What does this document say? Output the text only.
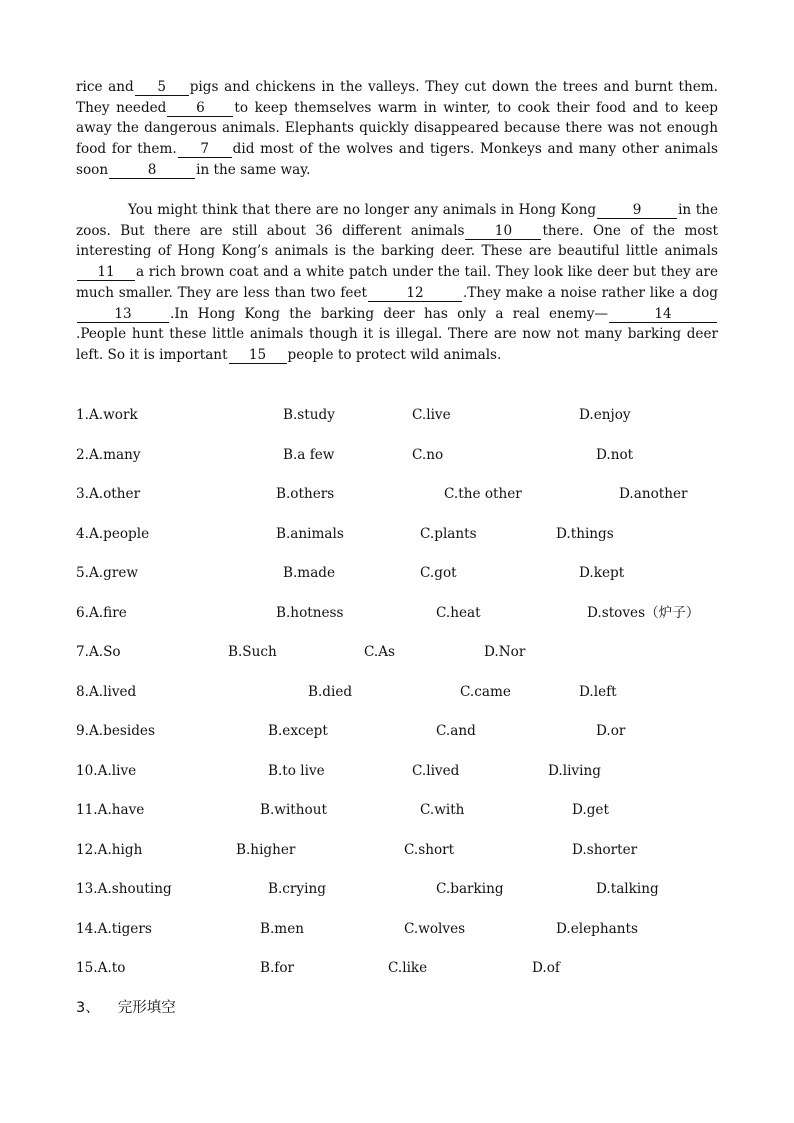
rice and 5 pigs and chickens in the valleys. They cut down the trees and burnt them. They needed 6 to keep themselves warm in winter, to cook their food and to keep away the dangerous animals. Elephants quickly disappeared because there was not enough food for them. 7 did most of the wolves and tigers. Monkeys and many other animals soon	8	in the same way.

You might think that there are no longer any animals in Hong Kong	9	in the zoos. But there are still about 36 different animals 10 there. One of the most interesting of Hong Kong’s animals is the barking deer. These are beautiful little animals11 a rich brown coat and a white patch under the tail. They look like deer but they are much smaller. They are less than two feet	12	.They make a noise rather like a dog13	.In Hong Kong the barking deer has only a real enemy—	14.People hunt these little animals though it is illegal. There are now not many barking deer left. So it is important 15 people to protect wild animals.

1.A.work	B.study	C.live	D.enjoy
2.A.many	B.a few	C.no	D.not
3.A.other	B.others	C.the other	D.another
4.A.people	B.animals	C.plants	D.things
5.A.grew	B.made	C.got	D.kept
6.A.fire	B.hotness	C.heat	D.stoves（炉子）
7.A.So	B.Such	C.As	D.Nor
8.A.lived	B.died	C.came	D.left
9.A.besides	B.except	C.and	D.or
10.A.live	B.to live	C.lived	D.living
11.A.have	B.without	C.with	D.get
12.A.high	B.higher	C.short	D.shorter
13.A.shouting	B.crying	C.barking	D.talking
14.A.tigers	B.men	C.wolves	D.elephants
15.A.to	B.for	C.like	D.of
3、 完形填空
